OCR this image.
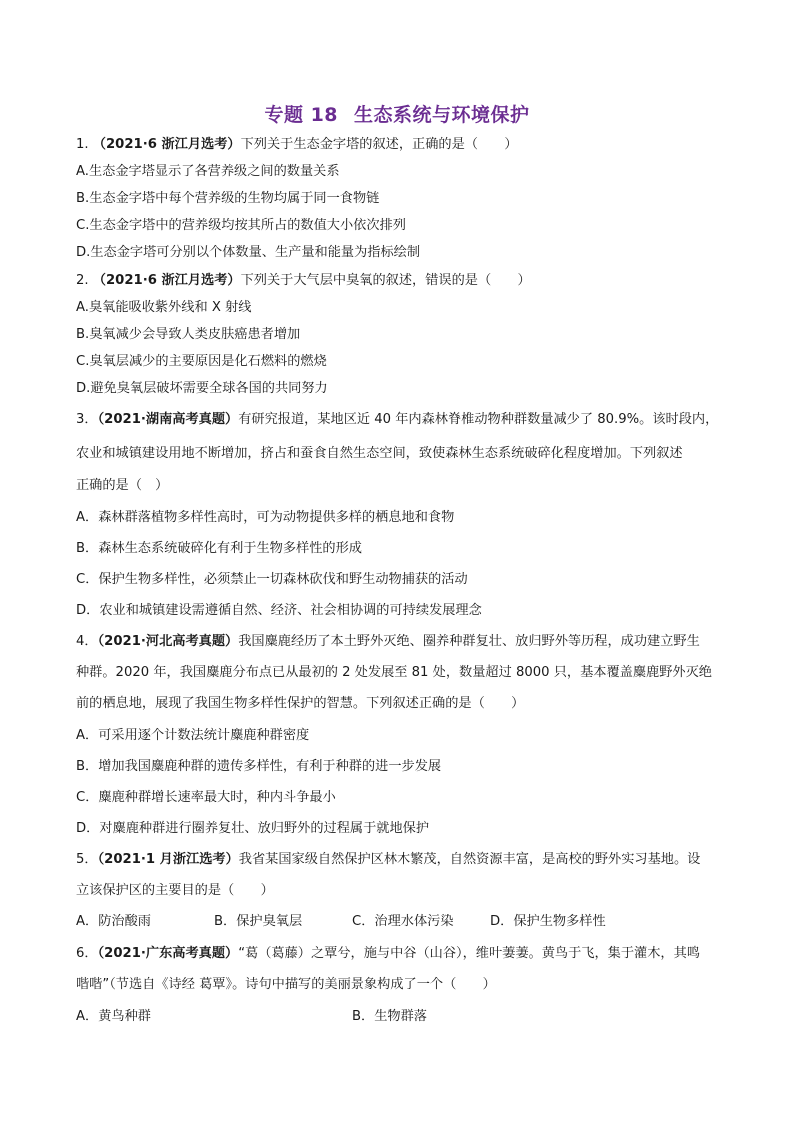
专题 18 生态系统与环境保护
1. （2021·6 浙江月选考）下列关于生态金字塔的叙述，正确的是（　　）
A.生态金字塔显示了各营养级之间的数量关系
B.生态金字塔中每个营养级的生物均属于同一食物链
C.生态金字塔中的营养级均按其所占的数值大小依次排列
D.生态金字塔可分别以个体数量、生产量和能量为指标绘制
2. （2021·6 浙江月选考）下列关于大气层中臭氧的叙述，错误的是（　　）
A.臭氧能吸收紫外线和 X 射线
B.臭氧减少会导致人类皮肤癌患者增加
C.臭氧层减少的主要原因是化石燃料的燃烧
D.避免臭氧层破坏需要全球各国的共同努力
3．（2021·湖南高考真题）有研究报道，某地区近 40 年内森林脊椎动物种群数量减少了 80.9%。该时段内，
农业和城镇建设用地不断增加，挤占和蚕食自然生态空间，致使森林生态系统破碎化程度增加。下列叙述
正确的是（　）
A．森林群落植物多样性高时，可为动物提供多样的栖息地和食物
B．森林生态系统破碎化有利于生物多样性的形成
C．保护生物多样性，必须禁止一切森林砍伐和野生动物捕获的活动
D．农业和城镇建设需遵循自然、经济、社会相协调的可持续发展理念
4．（2021·河北高考真题）我国麋鹿经历了本土野外灭绝、圈养种群复壮、放归野外等历程，成功建立野生
种群。2020 年，我国麋鹿分布点已从最初的 2 处发展至 81 处，数量超过 8000 只，基本覆盖麋鹿野外灭绝
前的栖息地，展现了我国生物多样性保护的智慧。下列叙述正确的是（　　）
A．可采用逐个计数法统计麋鹿种群密度
B．增加我国麋鹿种群的遗传多样性，有利于种群的进一步发展
C．麋鹿种群增长速率最大时，种内斗争最小
D．对麋鹿种群进行圈养复壮、放归野外的过程属于就地保护
5．（2021·1 月浙江选考）我省某国家级自然保护区林木繁茂，自然资源丰富，是高校的野外实习基地。设
立该保护区的主要目的是（　　）
A．防治酸雨	B．保护臭氧层	C．治理水体污染	D．保护生物多样性
6．（2021·广东高考真题）“葛（葛藤）之覃兮，施与中谷（山谷），维叶萋萋。黄鸟于飞，集于灌木，其鸣
喈喈”（节选自《诗经 葛覃》。诗句中描写的美丽景象构成了一个（　　）
A．黄鸟种群	B．生物群落
